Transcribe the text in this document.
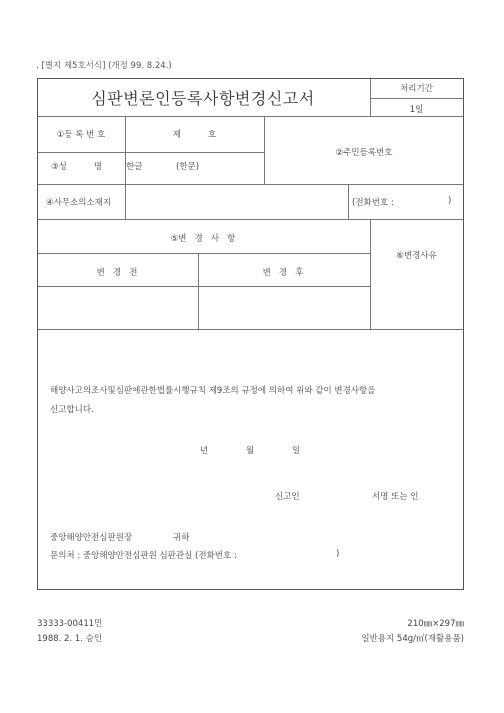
. [별지 제5호서식] (개정 99. 8.24.)
심판변론인등록사항변경신고서	처리기간
1일
①등 록 번 호	제          호
②주민등록번호
③성          명	한글	(한문)
④사무소의소재지	(전화번호 :	)
⑤변   경   사   항
⑥변경사유
변   경   전	변   경   후
해양사고의조사및심판에관한법률시행규칙 제9조의 규정에 의하여 위와 같이 변경사항을
신고합니다.
년	월	일
신고인	서명 또는 인
중앙해양안전심판원장	귀하
문의처 : 중앙해양안전심판원 심판관실 (전화번호 :	)
33333-00411민	210㎜×297㎜
1988. 2. 1. 승인	일반용지 54g/㎡(재활용품)
